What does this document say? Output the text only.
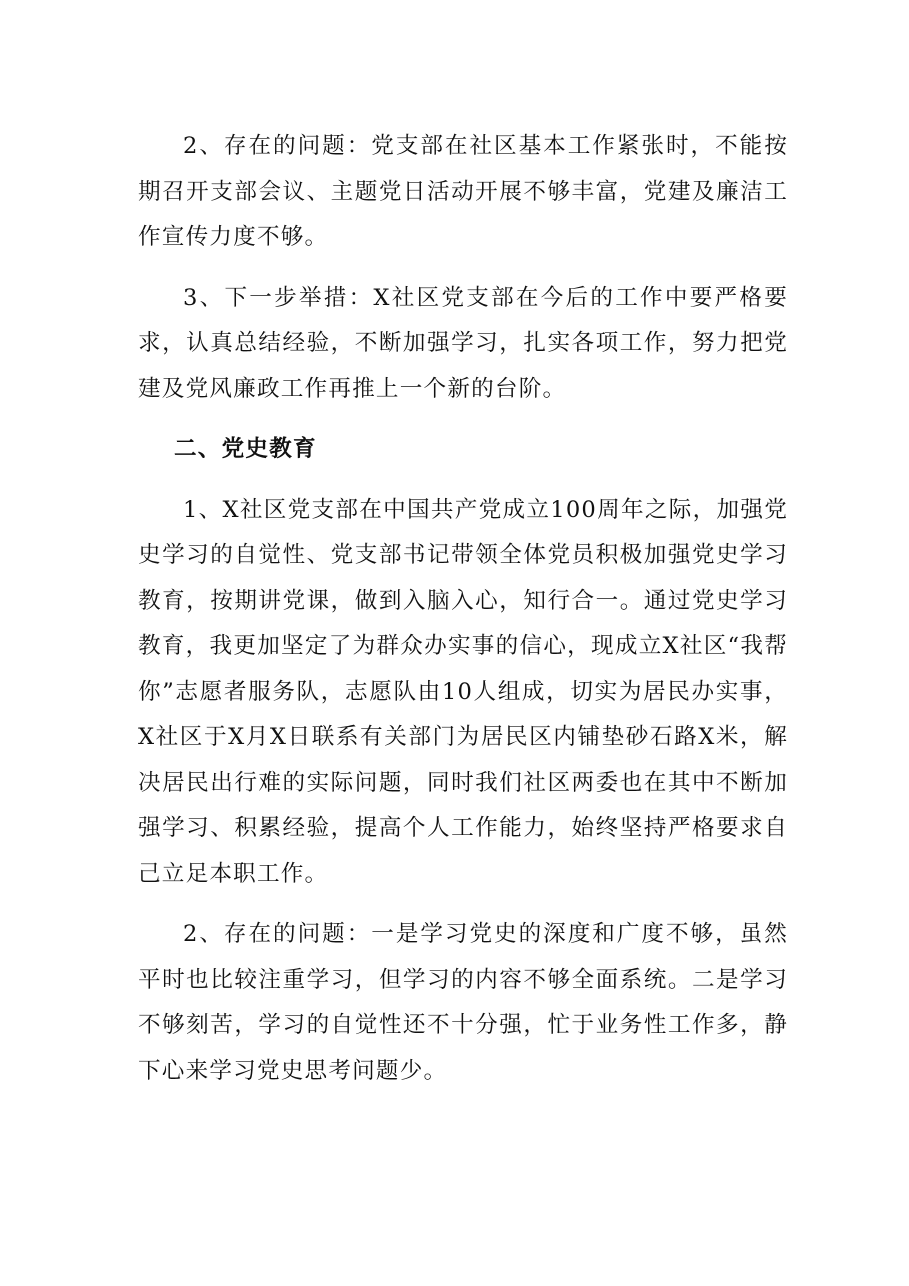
2、存在的问题：党支部在社区基本工作紧张时，不能按期召开支部会议、主题党日活动开展不够丰富，党建及廉洁工作宣传力度不够。

3、下一步举措：X社区党支部在今后的工作中要严格要求，认真总结经验，不断加强学习，扎实各项工作，努力把党建及党风廉政工作再推上一个新的台阶。

二、党史教育

1、X社区党支部在中国共产党成立100周年之际，加强党史学习的自觉性、党支部书记带领全体党员积极加强党史学习教育，按期讲党课，做到入脑入心，知行合一。通过党史学习教育，我更加坚定了为群众办实事的信心，现成立X社区“我帮你”志愿者服务队，志愿队由10人组成，切实为居民办实事，X社区于X月X日联系有关部门为居民区内铺垫砂石路X米，解决居民出行难的实际问题，同时我们社区两委也在其中不断加强学习、积累经验，提高个人工作能力，始终坚持严格要求自己立足本职工作。

2、存在的问题：一是学习党史的深度和广度不够，虽然平时也比较注重学习，但学习的内容不够全面系统。二是学习不够刻苦，学习的自觉性还不十分强，忙于业务性工作多，静下心来学习党史思考问题少。
